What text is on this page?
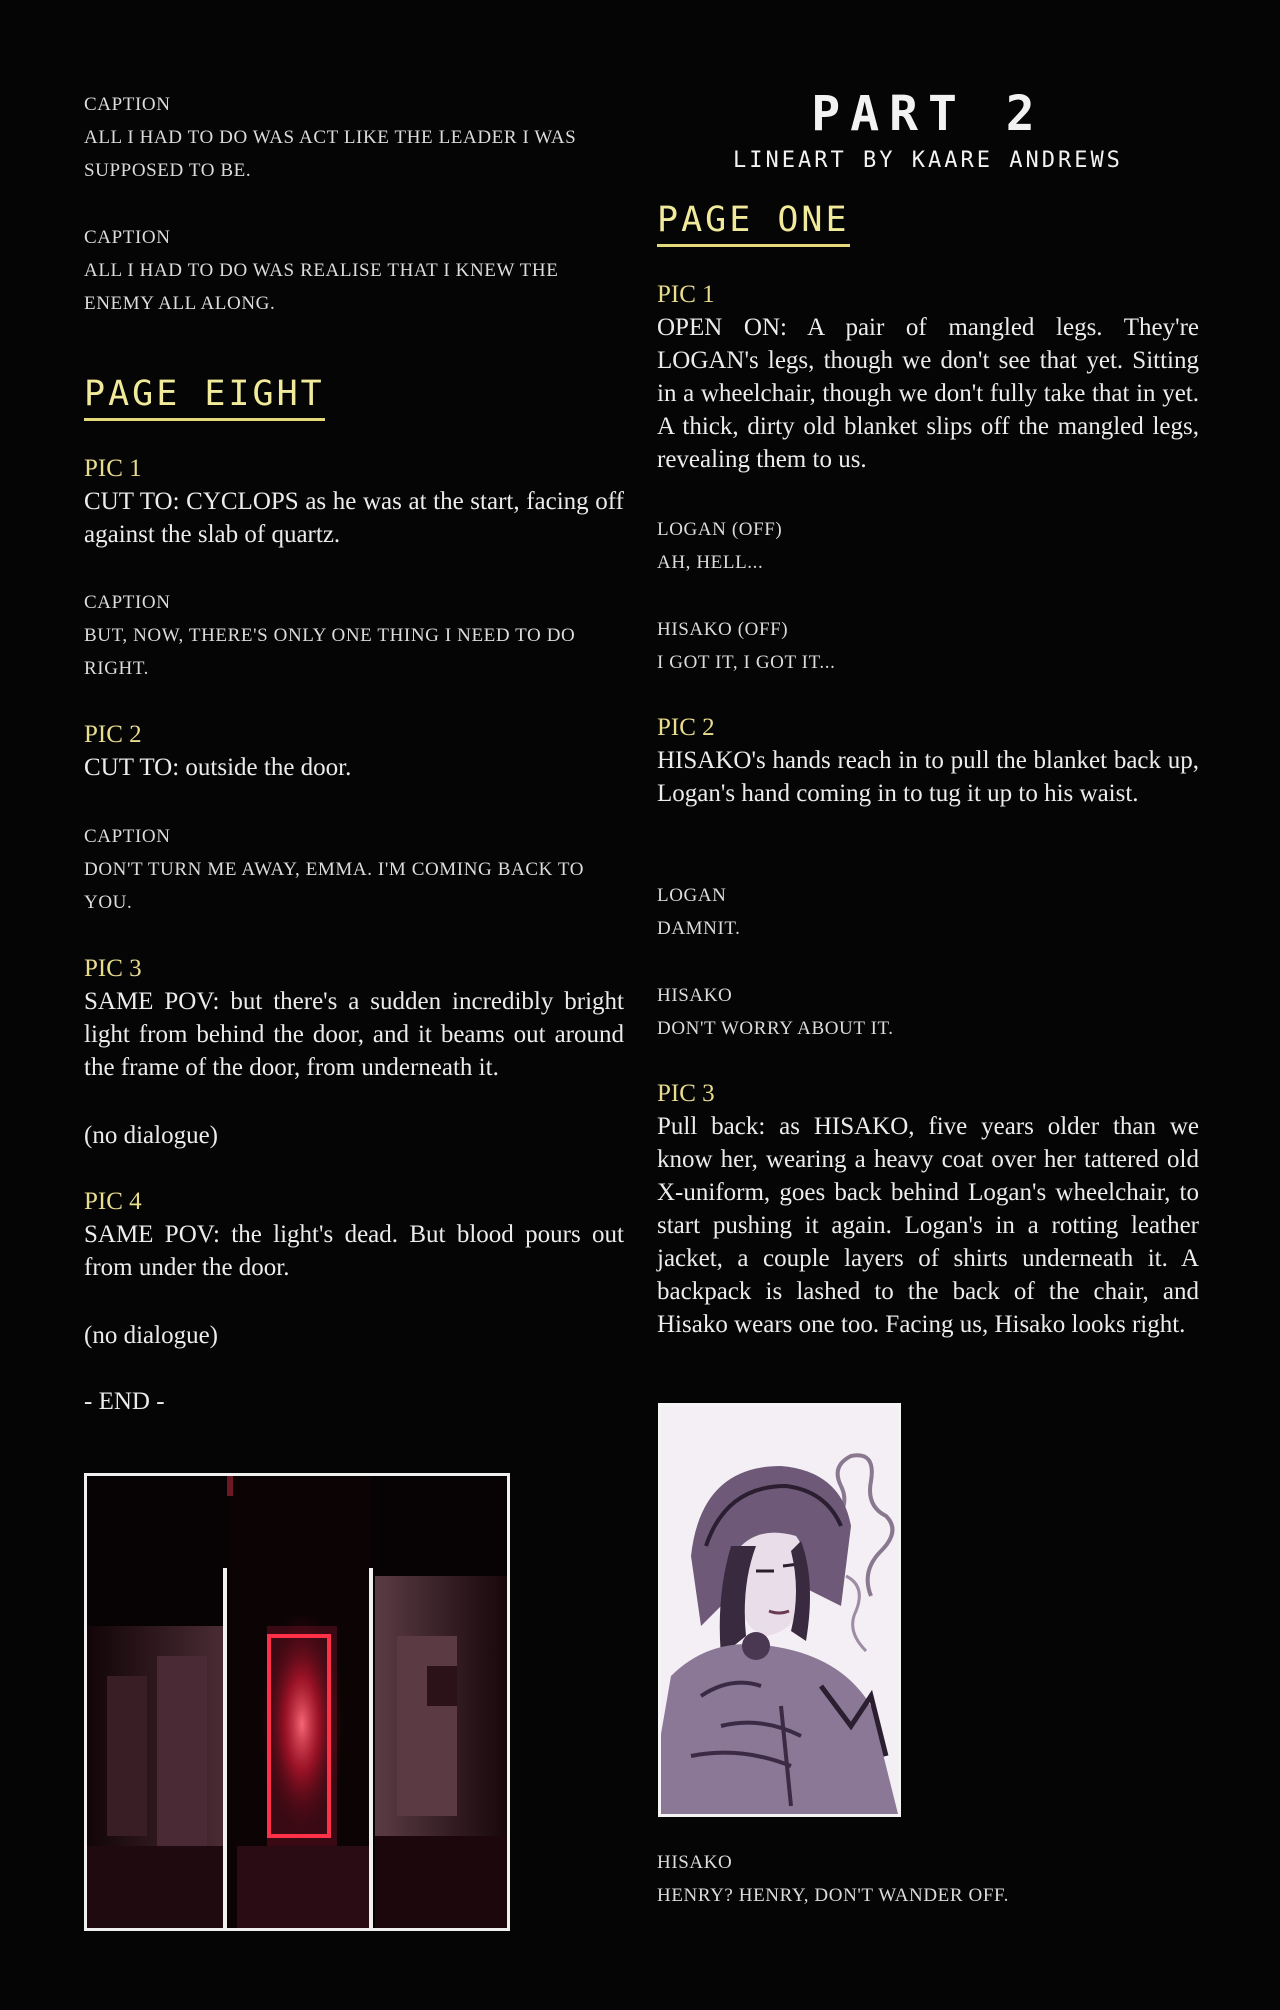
CAPTION
ALL I HAD TO DO WAS ACT LIKE THE LEADER I WAS SUPPOSED TO BE.
CAPTION
ALL I HAD TO DO WAS REALISE THAT I KNEW THE ENEMY ALL ALONG.
PAGE EIGHT
PIC 1
CUT TO: CYCLOPS as he was at the start, facing off against the slab of quartz.
CAPTION
BUT, NOW, THERE'S ONLY ONE THING I NEED TO DO RIGHT.
PIC 2
CUT TO: outside the door.
CAPTION
DON'T TURN ME AWAY, EMMA. I'M COMING BACK TO YOU.
PIC 3
SAME POV: but there's a sudden incredibly bright light from behind the door, and it beams out around the frame of the door, from underneath it.
(no dialogue)
PIC 4
SAME POV: the light's dead. But blood pours out from under the door.
(no dialogue)
- END -
PART 2
LINEART BY KAARE ANDREWS
PAGE ONE
PIC 1
OPEN ON: A pair of mangled legs. They're LOGAN's legs, though we don't see that yet. Sitting in a wheelchair, though we don't fully take that in yet. A thick, dirty old blanket slips off the mangled legs, revealing them to us.
LOGAN (OFF)
AH, HELL...
HISAKO (OFF)
I GOT IT, I GOT IT...
PIC 2
HISAKO's hands reach in to pull the blanket back up, Logan's hand coming in to tug it up to his waist.
LOGAN
DAMNIT.
HISAKO
DON'T WORRY ABOUT IT.
PIC 3
Pull back: as HISAKO, five years older than we know her, wearing a heavy coat over her tattered old X-uniform, goes back behind Logan's wheelchair, to start pushing it again. Logan's in a rotting leather jacket, a couple layers of shirts underneath it. A backpack is lashed to the back of the chair, and Hisako wears one too. Facing us, Hisako looks right.
HISAKO
HENRY? HENRY, DON'T WANDER OFF.
